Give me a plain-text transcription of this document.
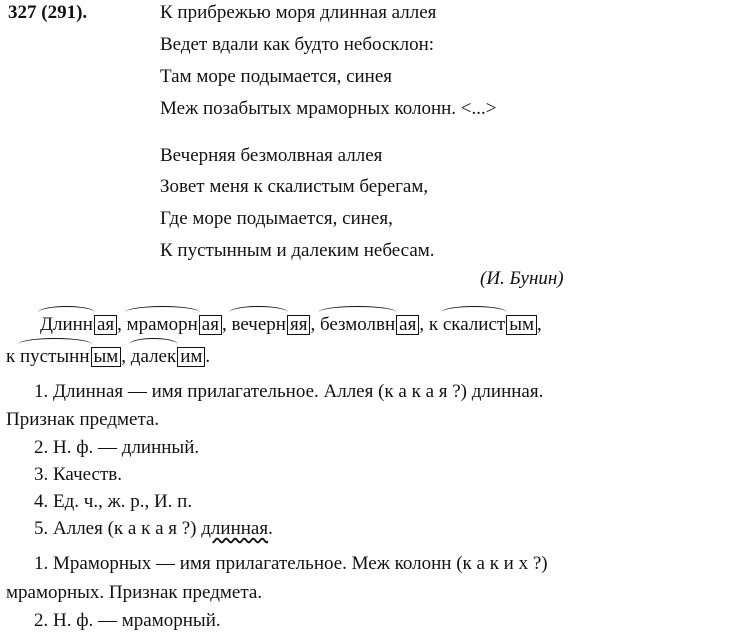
327 (291).	К прибрежью моря длинная аллея
Ведет вдали как будто небосклон:
Там море подымается, синея
Меж позабытых мраморных колонн. <...>
Вечерняя безмолвная аллея
Зовет меня к скалистым берегам,
Где море подымается, синея,
К пустынным и далеким небесам.
(И. Бунин)
Длинн ая , мраморн ая , вечерн яя , безмолвн ая , к скалист ым ,
к пустынн ым , далек им .
1. Длинная — имя прилагательное. Аллея (к а к а я ?) длинная.
Признак предмета.
2. Н. ф. — длинный.
3. Качеств.
4. Ед. ч., ж. р., И. п.
5. Аллея (к а к а я ?) длинная.
1. Мраморных — имя прилагательное. Меж колонн (к а к и х ?)
мраморных. Признак предмета.
2. Н. ф. — мраморный.
